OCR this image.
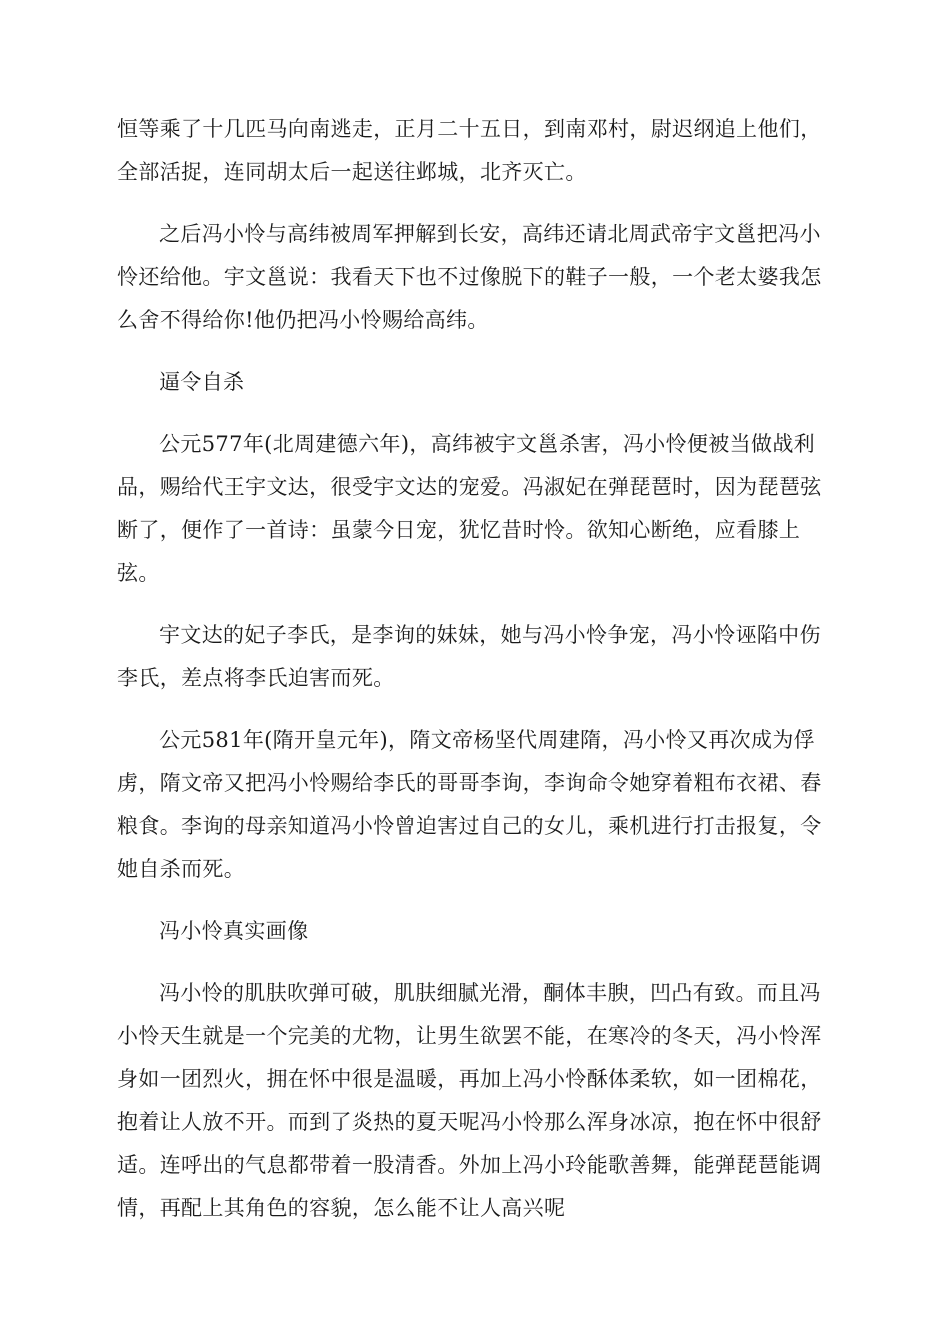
恒等乘了十几匹马向南逃走，正月二十五日，到南邓村，尉迟纲追上他们，全部活捉，连同胡太后一起送往邺城，北齐灭亡。

之后冯小怜与高纬被周军押解到长安，高纬还请北周武帝宇文邕把冯小怜还给他。宇文邕说：我看天下也不过像脱下的鞋子一般，一个老太婆我怎么舍不得给你!他仍把冯小怜赐给高纬。

逼令自杀

公元577年(北周建德六年)，高纬被宇文邕杀害，冯小怜便被当做战利品，赐给代王宇文达，很受宇文达的宠爱。冯淑妃在弹琵琶时，因为琵琶弦断了，便作了一首诗：虽蒙今日宠，犹忆昔时怜。欲知心断绝，应看膝上弦。

宇文达的妃子李氏，是李询的妹妹，她与冯小怜争宠，冯小怜诬陷中伤李氏，差点将李氏迫害而死。

公元581年(隋开皇元年)，隋文帝杨坚代周建隋，冯小怜又再次成为俘虏，隋文帝又把冯小怜赐给李氏的哥哥李询，李询命令她穿着粗布衣裙、舂粮食。李询的母亲知道冯小怜曾迫害过自己的女儿，乘机进行打击报复，令她自杀而死。

冯小怜真实画像

冯小怜的肌肤吹弹可破，肌肤细腻光滑，酮体丰腴，凹凸有致。而且冯小怜天生就是一个完美的尤物，让男生欲罢不能，在寒冷的冬天，冯小怜浑身如一团烈火，拥在怀中很是温暖，再加上冯小怜酥体柔软，如一团棉花，抱着让人放不开。而到了炎热的夏天呢冯小怜那么浑身冰凉，抱在怀中很舒适。连呼出的气息都带着一股清香。外加上冯小玲能歌善舞，能弹琵琶能调情，再配上其角色的容貌，怎么能不让人高兴呢
